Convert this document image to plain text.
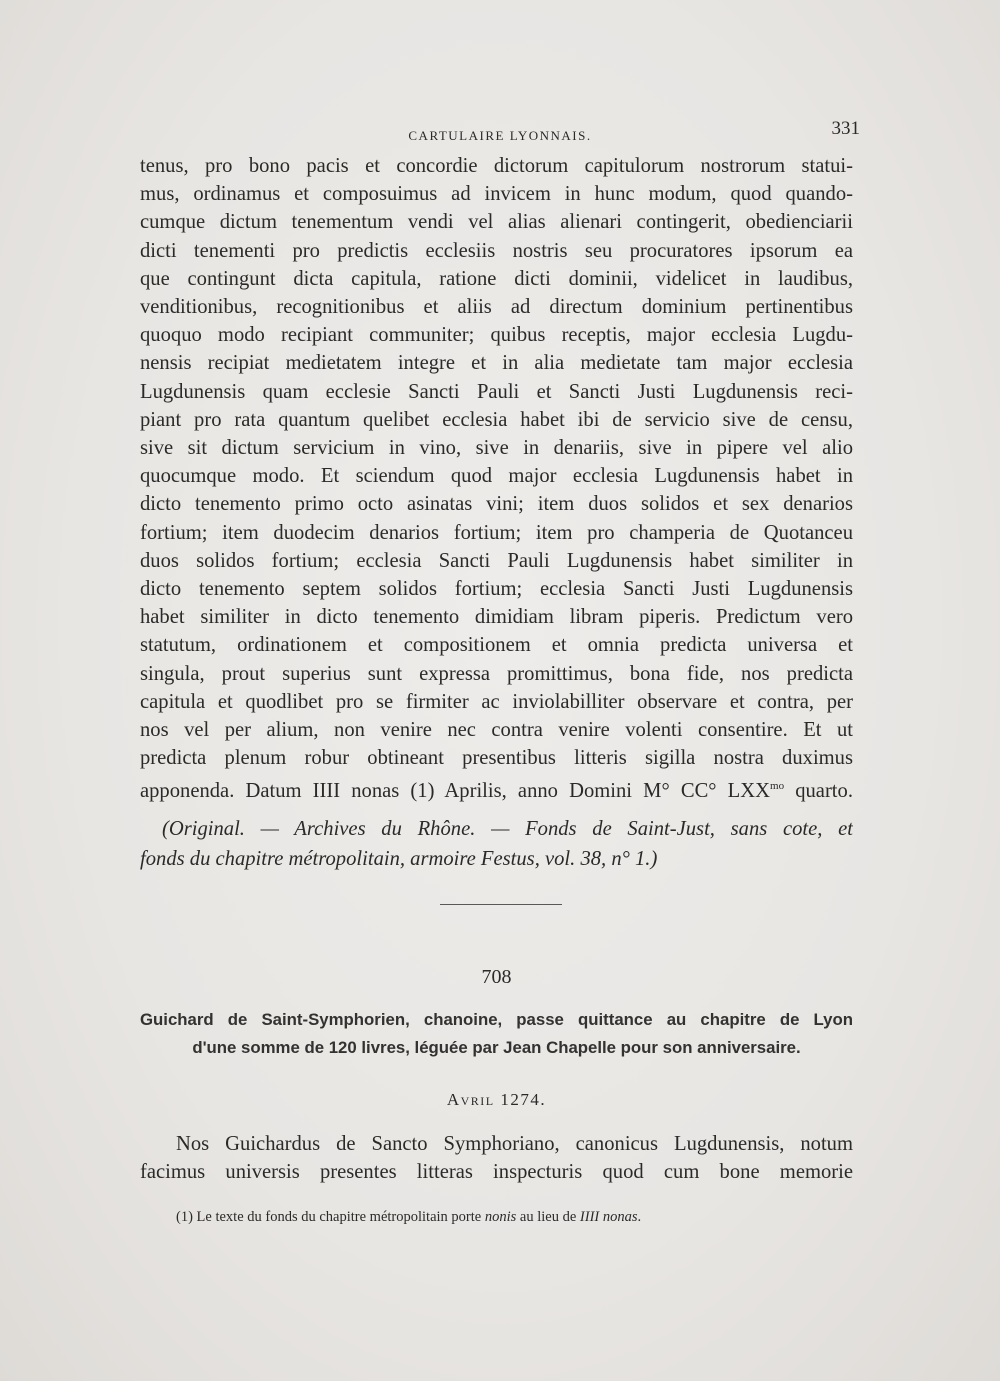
CARTULAIRE LYONNAIS.	331
tenus, pro bono pacis et concordie dictorum capitulorum nostrorum statui-
mus, ordinamus et composuimus ad invicem in hunc modum, quod quando-
cumque dictum tenementum vendi vel alias alienari contingerit, obedienciarii
dicti tenementi pro predictis ecclesiis nostris seu procuratores ipsorum ea
que contingunt dicta capitula, ratione dicti dominii, videlicet in laudibus,
venditionibus, recognitionibus et aliis ad directum dominium pertinentibus
quoquo modo recipiant communiter; quibus receptis, major ecclesia Lugdu-
nensis recipiat medietatem integre et in alia medietate tam major ecclesia
Lugdunensis quam ecclesie Sancti Pauli et Sancti Justi Lugdunensis reci-
piant pro rata quantum quelibet ecclesia habet ibi de servicio sive de censu,
sive sit dictum servicium in vino, sive in denariis, sive in pipere vel alio
quocumque modo. Et sciendum quod major ecclesia Lugdunensis habet in
dicto tenemento primo octo asinatas vini; item duos solidos et sex denarios
fortium; item duodecim denarios fortium; item pro champeria de Quotanceu
duos solidos fortium; ecclesia Sancti Pauli Lugdunensis habet similiter in
dicto tenemento septem solidos fortium; ecclesia Sancti Justi Lugdunensis
habet similiter in dicto tenemento dimidiam libram piperis. Predictum vero
statutum, ordinationem et compositionem et omnia predicta universa et
singula, prout superius sunt expressa promittimus, bona fide, nos predicta
capitula et quodlibet pro se firmiter ac inviolabilliter observare et contra, per
nos vel per alium, non venire nec contra venire volenti consentire. Et ut
predicta plenum robur obtineant presentibus litteris sigilla nostra duximus
apponenda. Datum IIII nonas (1) Aprilis, anno Domini M° CC° $LXX^{mo}$ quarto.
(Original. — Archives du Rhône. — Fonds de Saint-Just, sans cote, et
fonds du chapitre métropolitain, armoire Festus, vol. 38, n° 1.)
708
Guichard de Saint-Symphorien, chanoine, passe quittance au chapitre de Lyon
d'une somme de 120 livres, léguée par Jean Chapelle pour son anniversaire.
Avril 1274.
Nos Guichardus de Sancto Symphoriano, canonicus Lugdunensis, notum
facimus universis presentes litteras inspecturis quod cum bone memorie
(1) Le texte du fonds du chapitre métropolitain porte nonis au lieu de IIII nonas.
